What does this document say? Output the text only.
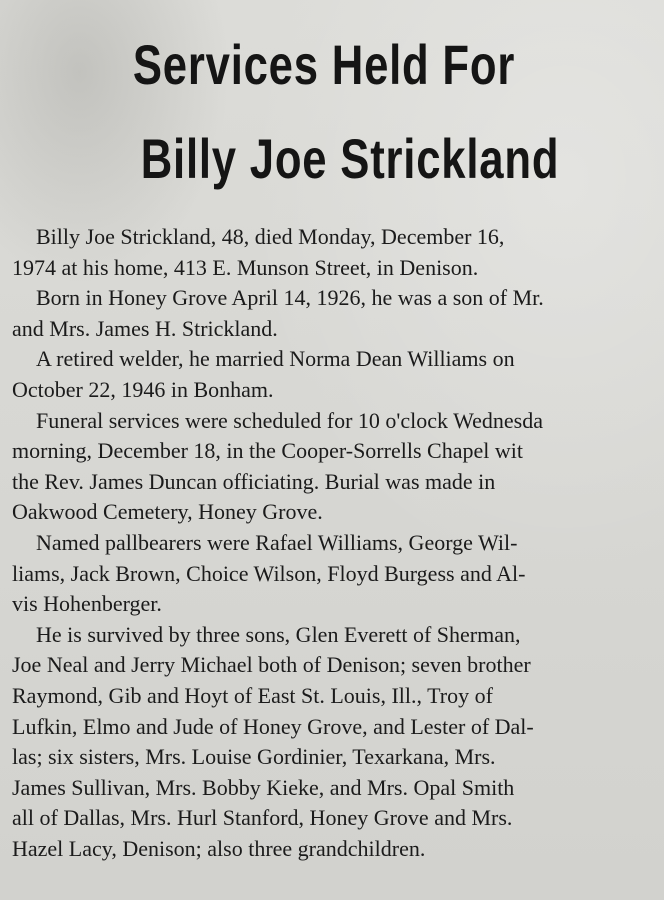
Services Held For
Billy Joe Strickland
Billy Joe Strickland, 48, died Monday, December 16,
1974 at his home, 413 E. Munson Street, in Denison.
Born in Honey Grove April 14, 1926, he was a son of Mr.
and Mrs. James H. Strickland.
A retired welder, he married Norma Dean Williams on
October 22, 1946 in Bonham.
Funeral services were scheduled for 10 o'clock Wednesda
morning, December 18, in the Cooper-Sorrells Chapel wit
the Rev. James Duncan officiating. Burial was made in
Oakwood Cemetery, Honey Grove.
Named pallbearers were Rafael Williams, George Wil-
liams, Jack Brown, Choice Wilson, Floyd Burgess and Al-
vis Hohenberger.
He is survived by three sons, Glen Everett of Sherman,
Joe Neal and Jerry Michael both of Denison; seven brother
Raymond, Gib and Hoyt of East St. Louis, Ill., Troy of
Lufkin, Elmo and Jude of Honey Grove, and Lester of Dal-
las; six sisters, Mrs. Louise Gordinier, Texarkana, Mrs.
James Sullivan, Mrs. Bobby Kieke, and Mrs. Opal Smith
all of Dallas, Mrs. Hurl Stanford, Honey Grove and Mrs.
Hazel Lacy, Denison; also three grandchildren.
